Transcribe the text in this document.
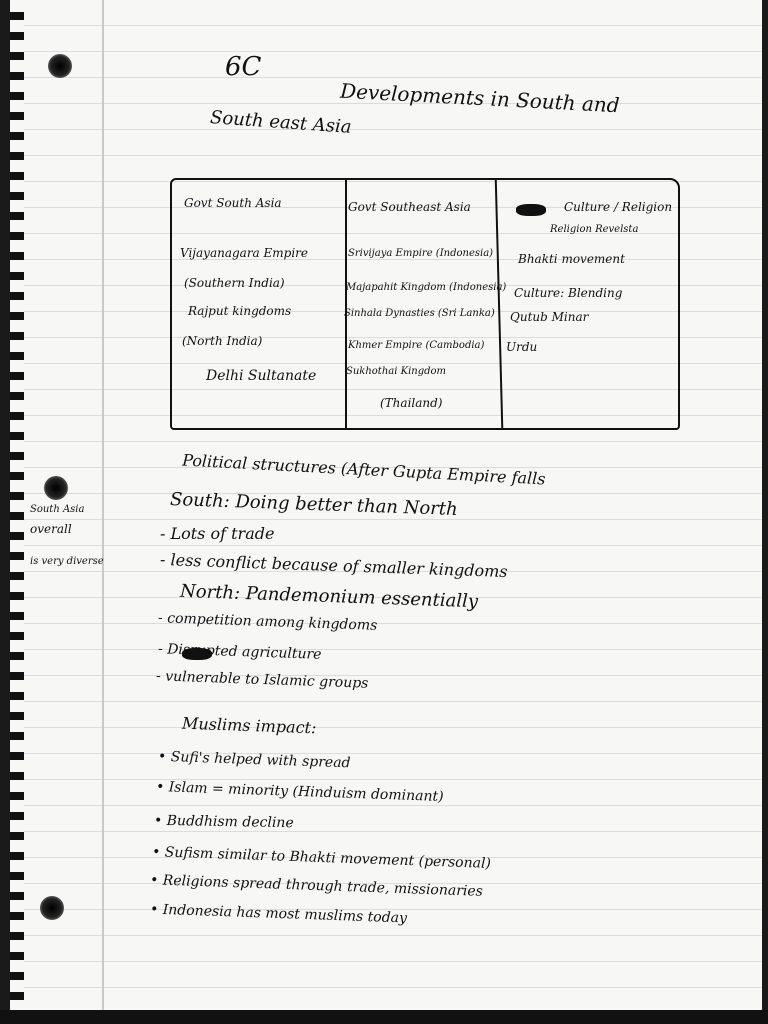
6C
Developments in South and
South east Asia
Govt South Asia
Vijayanagara Empire
(Southern India)
Rajput kingdoms
(North India)
Delhi Sultanate
Govt Southeast Asia
Srivijaya Empire (Indonesia)
Majapahit Kingdom (Indonesia)
Sinhala Dynasties (Sri Lanka)
Khmer Empire (Cambodia)
Sukhothai Kingdom
(Thailand)
Culture / Religion
Religion Revelsta
Bhakti movement
Culture: Blending
Qutub Minar
Urdu
Political structures (After Gupta Empire falls
South Asia
overall
is very diverse
South: Doing better than North
- Lots of trade
- less conflict because of smaller kingdoms
North: Pandemonium essentially
- competition among kingdoms
- Disrupted agriculture
- vulnerable to Islamic groups
Muslims impact:
• Sufi's helped with spread
• Islam = minority (Hinduism dominant)
• Buddhism decline
• Sufism similar to Bhakti movement (personal)
• Religions spread through trade, missionaries
• Indonesia has most muslims today
